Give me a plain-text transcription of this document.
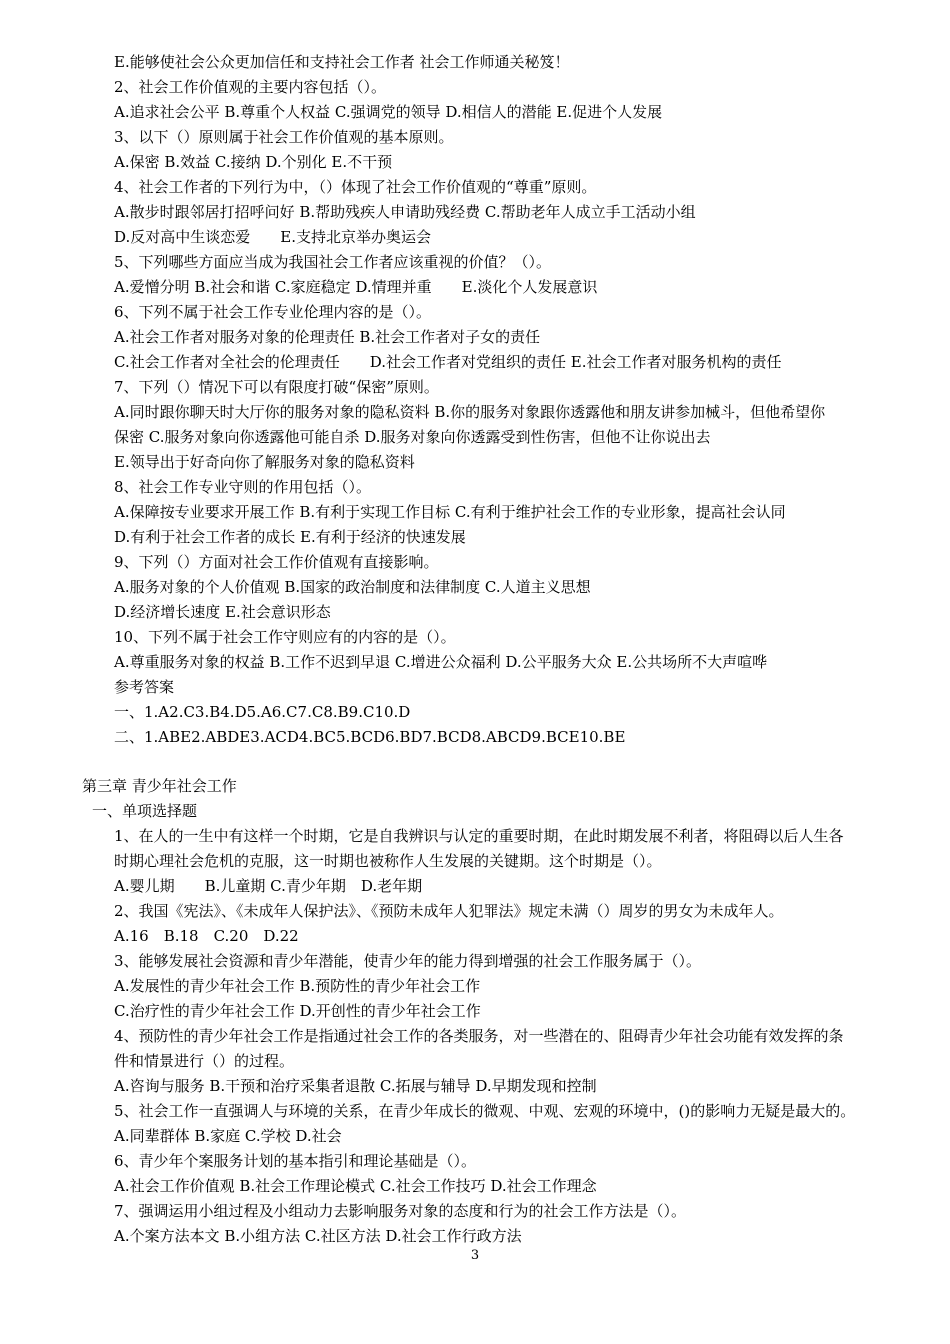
E.能够使社会公众更加信任和支持社会工作者 社会工作师通关秘笈！
2、社会工作价值观的主要内容包括（）。
A.追求社会公平 B.尊重个人权益 C.强调党的领导 D.相信人的潜能 E.促进个人发展
3、以下（）原则属于社会工作价值观的基本原则。
A.保密 B.效益 C.接纳 D.个别化 E.不干预
4、社会工作者的下列行为中，（）体现了社会工作价值观的“尊重”原则。
A.散步时跟邻居打招呼问好 B.帮助残疾人申请助残经费 C.帮助老年人成立手工活动小组
D.反对高中生谈恋爱　　E.支持北京举办奥运会
5、下列哪些方面应当成为我国社会工作者应该重视的价值？（）。
A.爱憎分明 B.社会和谐 C.家庭稳定 D.情理并重　　E.淡化个人发展意识
6、下列不属于社会工作专业伦理内容的是（）。
A.社会工作者对服务对象的伦理责任 B.社会工作者对子女的责任
C.社会工作者对全社会的伦理责任　　D.社会工作者对党组织的责任 E.社会工作者对服务机构的责任
7、下列（）情况下可以有限度打破“保密”原则。
A.同时跟你聊天时大厅你的服务对象的隐私资料 B.你的服务对象跟你透露他和朋友讲参加械斗，但他希望你
保密 C.服务对象向你透露他可能自杀 D.服务对象向你透露受到性伤害，但他不让你说出去
E.领导出于好奇向你了解服务对象的隐私资料
8、社会工作专业守则的作用包括（）。
A.保障按专业要求开展工作 B.有利于实现工作目标 C.有利于维护社会工作的专业形象，提高社会认同
D.有利于社会工作者的成长 E.有利于经济的快速发展
9、下列（）方面对社会工作价值观有直接影响。
A.服务对象的个人价值观 B.国家的政治制度和法律制度 C.人道主义思想
D.经济增长速度 E.社会意识形态
10、下列不属于社会工作守则应有的内容的是（）。
A.尊重服务对象的权益 B.工作不迟到早退 C.增进公众福利 D.公平服务大众 E.公共场所不大声喧哗
参考答案
一、1.A2.C3.B4.D5.A6.C7.C8.B9.C10.D
二、1.ABE2.ABDE3.ACD4.BC5.BCD6.BD7.BCD8.ABCD9.BCE10.BE
第三章 青少年社会工作
一、单项选择题
1、在人的一生中有这样一个时期，它是自我辨识与认定的重要时期，在此时期发展不利者，将阻碍以后人生各
时期心理社会危机的克服，这一时期也被称作人生发展的关键期。这个时期是（）。
A.婴儿期　　B.儿童期 C.青少年期　D.老年期
2、我国《宪法》、《未成年人保护法》、《预防未成年人犯罪法》规定未满（）周岁的男女为未成年人。
A.16　B.18　C.20　D.22
3、能够发展社会资源和青少年潜能，使青少年的能力得到增强的社会工作服务属于（）。
A.发展性的青少年社会工作 B.预防性的青少年社会工作
C.治疗性的青少年社会工作 D.开创性的青少年社会工作
4、预防性的青少年社会工作是指通过社会工作的各类服务，对一些潜在的、阻碍青少年社会功能有效发挥的条
件和情景进行（）的过程。
A.咨询与服务 B.干预和治疗采集者退散 C.拓展与辅导 D.早期发现和控制
5、社会工作一直强调人与环境的关系，在青少年成长的微观、中观、宏观的环境中，()的影响力无疑是最大的。
A.同辈群体 B.家庭 C.学校 D.社会
6、青少年个案服务计划的基本指引和理论基础是（）。
A.社会工作价值观 B.社会工作理论模式 C.社会工作技巧 D.社会工作理念
7、强调运用小组过程及小组动力去影响服务对象的态度和行为的社会工作方法是（）。
A.个案方法本文 B.小组方法 C.社区方法 D.社会工作行政方法
3
